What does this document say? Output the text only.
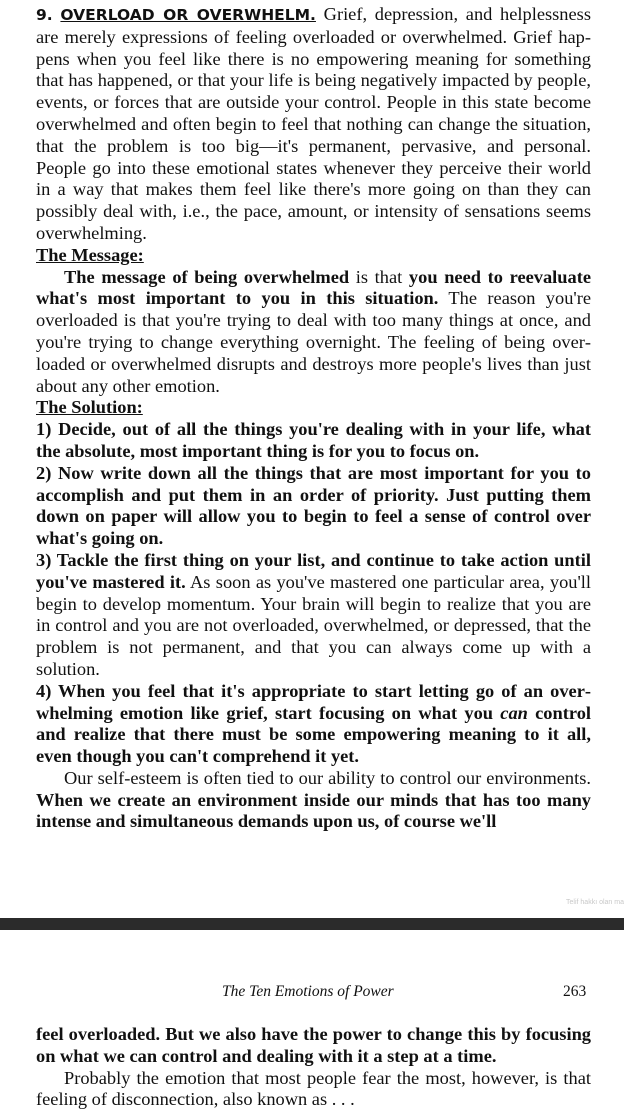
9. OVERLOAD OR OVERWHELM. Grief, depression, and helplessness are merely expressions of feeling overloaded or overwhelmed. Grief happens when you feel like there is no empowering meaning for something that has happened, or that your life is being negatively impacted by people, events, or forces that are outside your control. People in this state become overwhelmed and often begin to feel that nothing can change the situation, that the problem is too big—it's permanent, pervasive, and personal. People go into these emotional states whenever they perceive their world in a way that makes them feel like there's more going on than they can possibly deal with, i.e., the pace, amount, or intensity of sensations seems overwhelming.

The Message:

The message of being overwhelmed is that you need to reevaluate what's most important to you in this situation. The reason you're overloaded is that you're trying to deal with too many things at once, and you're trying to change everything overnight. The feeling of being overloaded or overwhelmed disrupts and destroys more people's lives than just about any other emotion.

The Solution:

1) Decide, out of all the things you're dealing with in your life, what the absolute, most important thing is for you to focus on.

2) Now write down all the things that are most important for you to accomplish and put them in an order of priority. Just putting them down on paper will allow you to begin to feel a sense of control over what's going on.

3) Tackle the first thing on your list, and continue to take action until you've mastered it. As soon as you've mastered one particular area, you'll begin to develop momentum. Your brain will begin to realize that you are in control and you are not overloaded, overwhelmed, or depressed, that the problem is not permanent, and that you can always come up with a solution.

4) When you feel that it's appropriate to start letting go of an overwhelming emotion like grief, start focusing on what you can control and realize that there must be some empowering meaning to it all, even though you can't comprehend it yet.

Our self-esteem is often tied to our ability to control our environments. When we create an environment inside our minds that has too many intense and simultaneous demands upon us, of course we'll

Telif hakkı olan ma
The Ten Emotions of Power	263

feel overloaded. But we also have the power to change this by focusing on what we can control and dealing with it a step at a time.

Probably the emotion that most people fear the most, however, is that feeling of disconnection, also known as . . .
